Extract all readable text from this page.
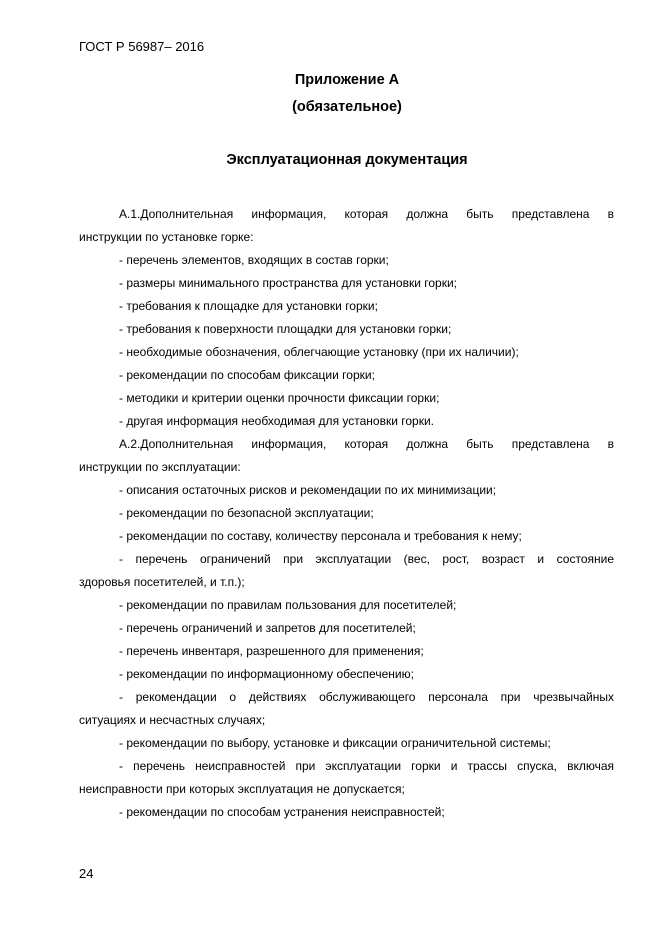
ГОСТ Р 56987– 2016
Приложение А
(обязательное)
Эксплуатационная документация
А.1.Дополнительная информация, которая должна быть представлена в
инструкции по установке горке:
- перечень элементов, входящих в состав горки;
- размеры минимального пространства для установки горки;
- требования к площадке для установки горки;
- требования к поверхности площадки для установки горки;
- необходимые обозначения, облегчающие установку (при их наличии);
- рекомендации по способам фиксации горки;
- методики и критерии оценки прочности фиксации горки;
- другая информация необходимая для установки горки.
А.2.Дополнительная информация, которая должна быть представлена в
инструкции по эксплуатации:
- описания остаточных рисков и рекомендации по их минимизации;
- рекомендации по безопасной эксплуатации;
- рекомендации по составу, количеству персонала и требования к нему;
- перечень ограничений при эксплуатации (вес, рост, возраст и состояние
здоровья посетителей, и т.п.);
- рекомендации по правилам пользования для посетителей;
- перечень ограничений и запретов для посетителей;
- перечень инвентаря, разрешенного для применения;
- рекомендации по информационному обеспечению;
- рекомендации о действиях обслуживающего персонала при чрезвычайных
ситуациях и несчастных случаях;
- рекомендации по выбору, установке и фиксации ограничительной системы;
- перечень неисправностей при эксплуатации горки и трассы спуска, включая
неисправности при которых эксплуатация не допускается;
- рекомендации по способам устранения неисправностей;
24
